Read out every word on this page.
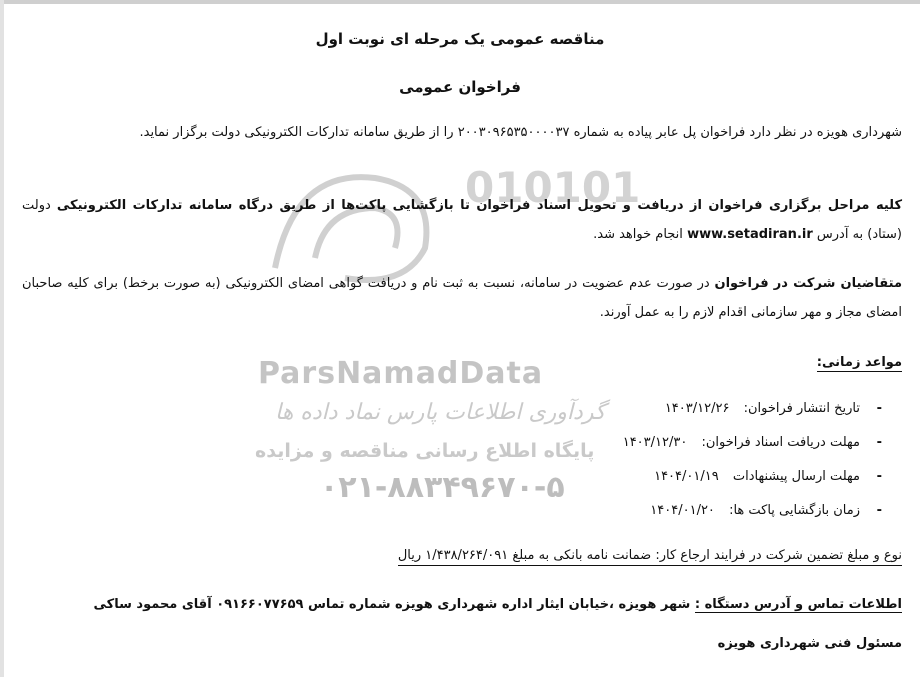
010101
ParsNamadData
گردآوری اطلاعات پارس نماد داده ها
پایگاه اطلاع رسانی مناقصه و مزایده
۰۲۱-۸۸۳۴۹۶۷۰-۵
مناقصه عمومی یک مرحله ای نوبت اول
فراخوان عمومی
شهرداری هویزه در نظر دارد فراخوان پل عابر پیاده به شماره ۲۰۰۳۰۹۶۵۳۵۰۰۰۰۳۷ را از طریق سامانه تدارکات الکترونیکی دولت برگزار نماید.
کلیه مراحل برگزاری فراخوان از دریافت و تحویل اسناد فراخوان تا بازگشایی پاکت‌ها از طریق درگاه سامانه تدارکات الکترونیکی دولت (ستاد) به آدرس www.setadiran.ir انجام خواهد شد.
متقاضیان شرکت در فراخوان در صورت عدم عضویت در سامانه، نسبت به ثبت نام و دریافت گواهی امضای الکترونیکی (به صورت برخط) برای کلیه صاحبان امضای مجاز و مهر سازمانی اقدام لازم را به عمل آورند.
مواعد زمانی:
-
تاریخ انتشار فراخوان: ۱۴۰۳/۱۲/۲۶
-
مهلت دریافت اسناد فراخوان: ۱۴۰۳/۱۲/۳۰
-
مهلت ارسال پیشنهادات ۱۴۰۴/۰۱/۱۹
-
زمان بازگشایی پاکت ها: ۱۴۰۴/۰۱/۲۰
نوع و مبلغ تضمین شرکت در فرایند ارجاع کار: ضمانت نامه بانکی به مبلغ ۱/۴۳۸/۲۶۴/۰۹۱ ریال
اطلاعات تماس و آدرس دستگاه : شهر هویزه ،خیابان ایثار اداره شهرداری هویزه شماره تماس ۰۹۱۶۶۰۷۷۶۵۹ آقای محمود ساکی
مسئول فنی شهرداری هویزه
